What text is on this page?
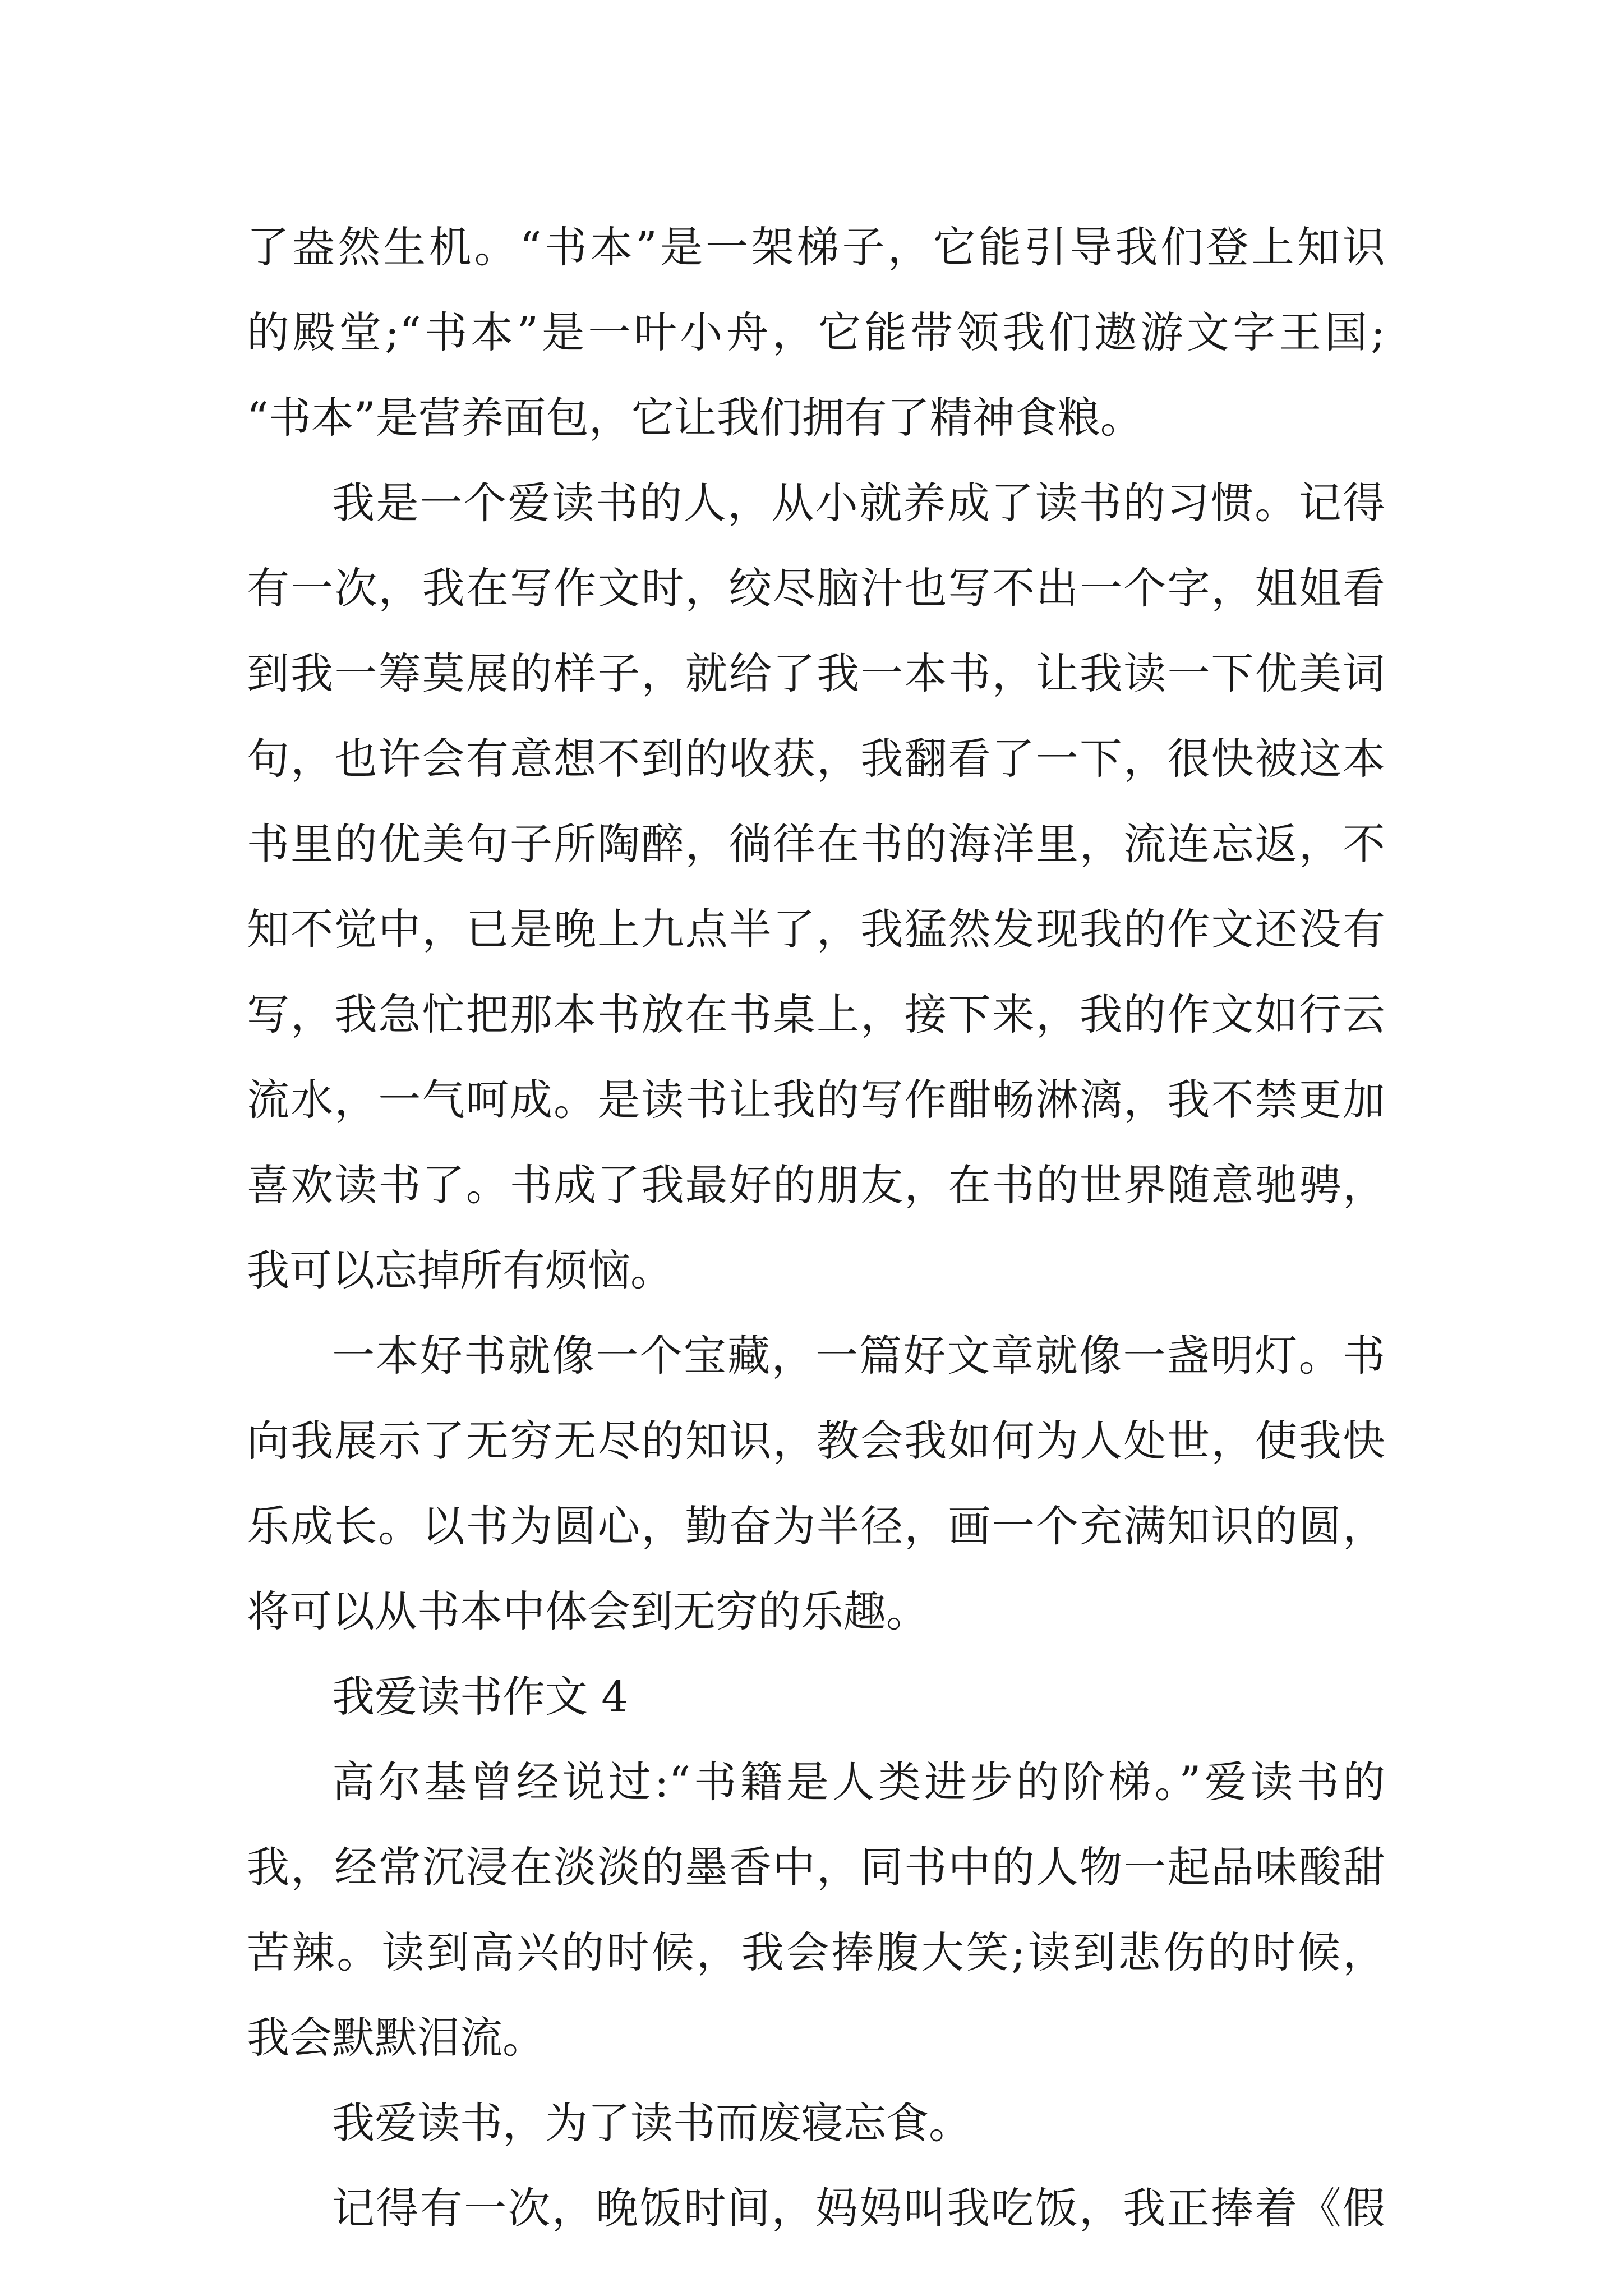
了盎然生机。“书本”是一架梯子，它能引导我们登上知识
的殿堂;“书本”是一叶小舟，它能带领我们遨游文字王国;
“书本”是营养面包，它让我们拥有了精神食粮。
我是一个爱读书的人，从小就养成了读书的习惯。记得
有一次，我在写作文时，绞尽脑汁也写不出一个字，姐姐看
到我一筹莫展的样子，就给了我一本书，让我读一下优美词
句，也许会有意想不到的收获，我翻看了一下，很快被这本
书里的优美句子所陶醉，徜徉在书的海洋里，流连忘返，不
知不觉中，已是晚上九点半了，我猛然发现我的作文还没有
写，我急忙把那本书放在书桌上，接下来，我的作文如行云
流水，一气呵成。是读书让我的写作酣畅淋漓，我不禁更加
喜欢读书了。书成了我最好的朋友，在书的世界随意驰骋，
我可以忘掉所有烦恼。
一本好书就像一个宝藏，一篇好文章就像一盏明灯。书
向我展示了无穷无尽的知识，教会我如何为人处世，使我快
乐成长。以书为圆心，勤奋为半径，画一个充满知识的圆，
将可以从书本中体会到无穷的乐趣。
我爱读书作文 4
高尔基曾经说过:“书籍是人类进步的阶梯。”爱读书的
我，经常沉浸在淡淡的墨香中，同书中的人物一起品味酸甜
苦辣。读到高兴的时候，我会捧腹大笑;读到悲伤的时候，
我会默默泪流。
我爱读书，为了读书而废寝忘食。
记得有一次，晚饭时间，妈妈叫我吃饭，我正捧着《假
